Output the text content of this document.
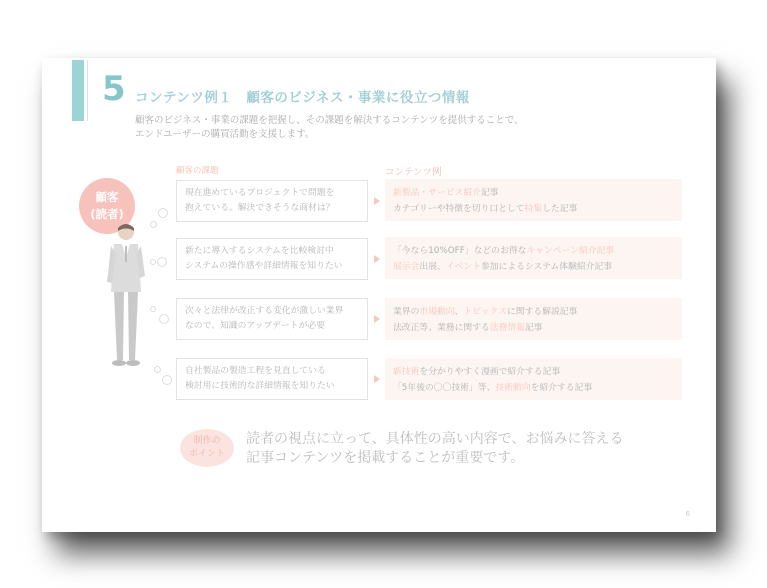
5 コンテンツ例１　顧客のビジネス・事業に役立つ情報
顧客のビジネス・事業の課題を把握し、その課題を解決するコンテンツを提供することで、
エンドユーザーの購買活動を支援します。
顧客の課題	コンテンツ例
顧客
(読者)
現在進めているプロジェクトで問題を
抱えている。解決できそうな商材は？
新製品・サービス紹介記事
カテゴリーや特徴を切り口として特集した記事
新たに導入するシステムを比較検討中
システムの操作感や詳細情報を知りたい
「今なら10%OFF」などのお得なキャンペーン紹介記事
展示会出展、イベント参加によるシステム体験紹介記事
次々と法律が改正する変化が激しい業界
なので、知識のアップデートが必要
業界の市場動向、トピックスに関する解説記事
法改正等、業務に関する法務情報記事
自社製品の製造工程を見直している
検討用に技術的な詳細情報を知りたい
新技術を分かりやすく漫画で紹介する記事
「5年後の〇〇技術」等、技術動向を紹介する記事
制作の
ポイント
読者の視点に立って、具体性の高い内容で、お悩みに答える
記事コンテンツを掲載することが重要です。
6
